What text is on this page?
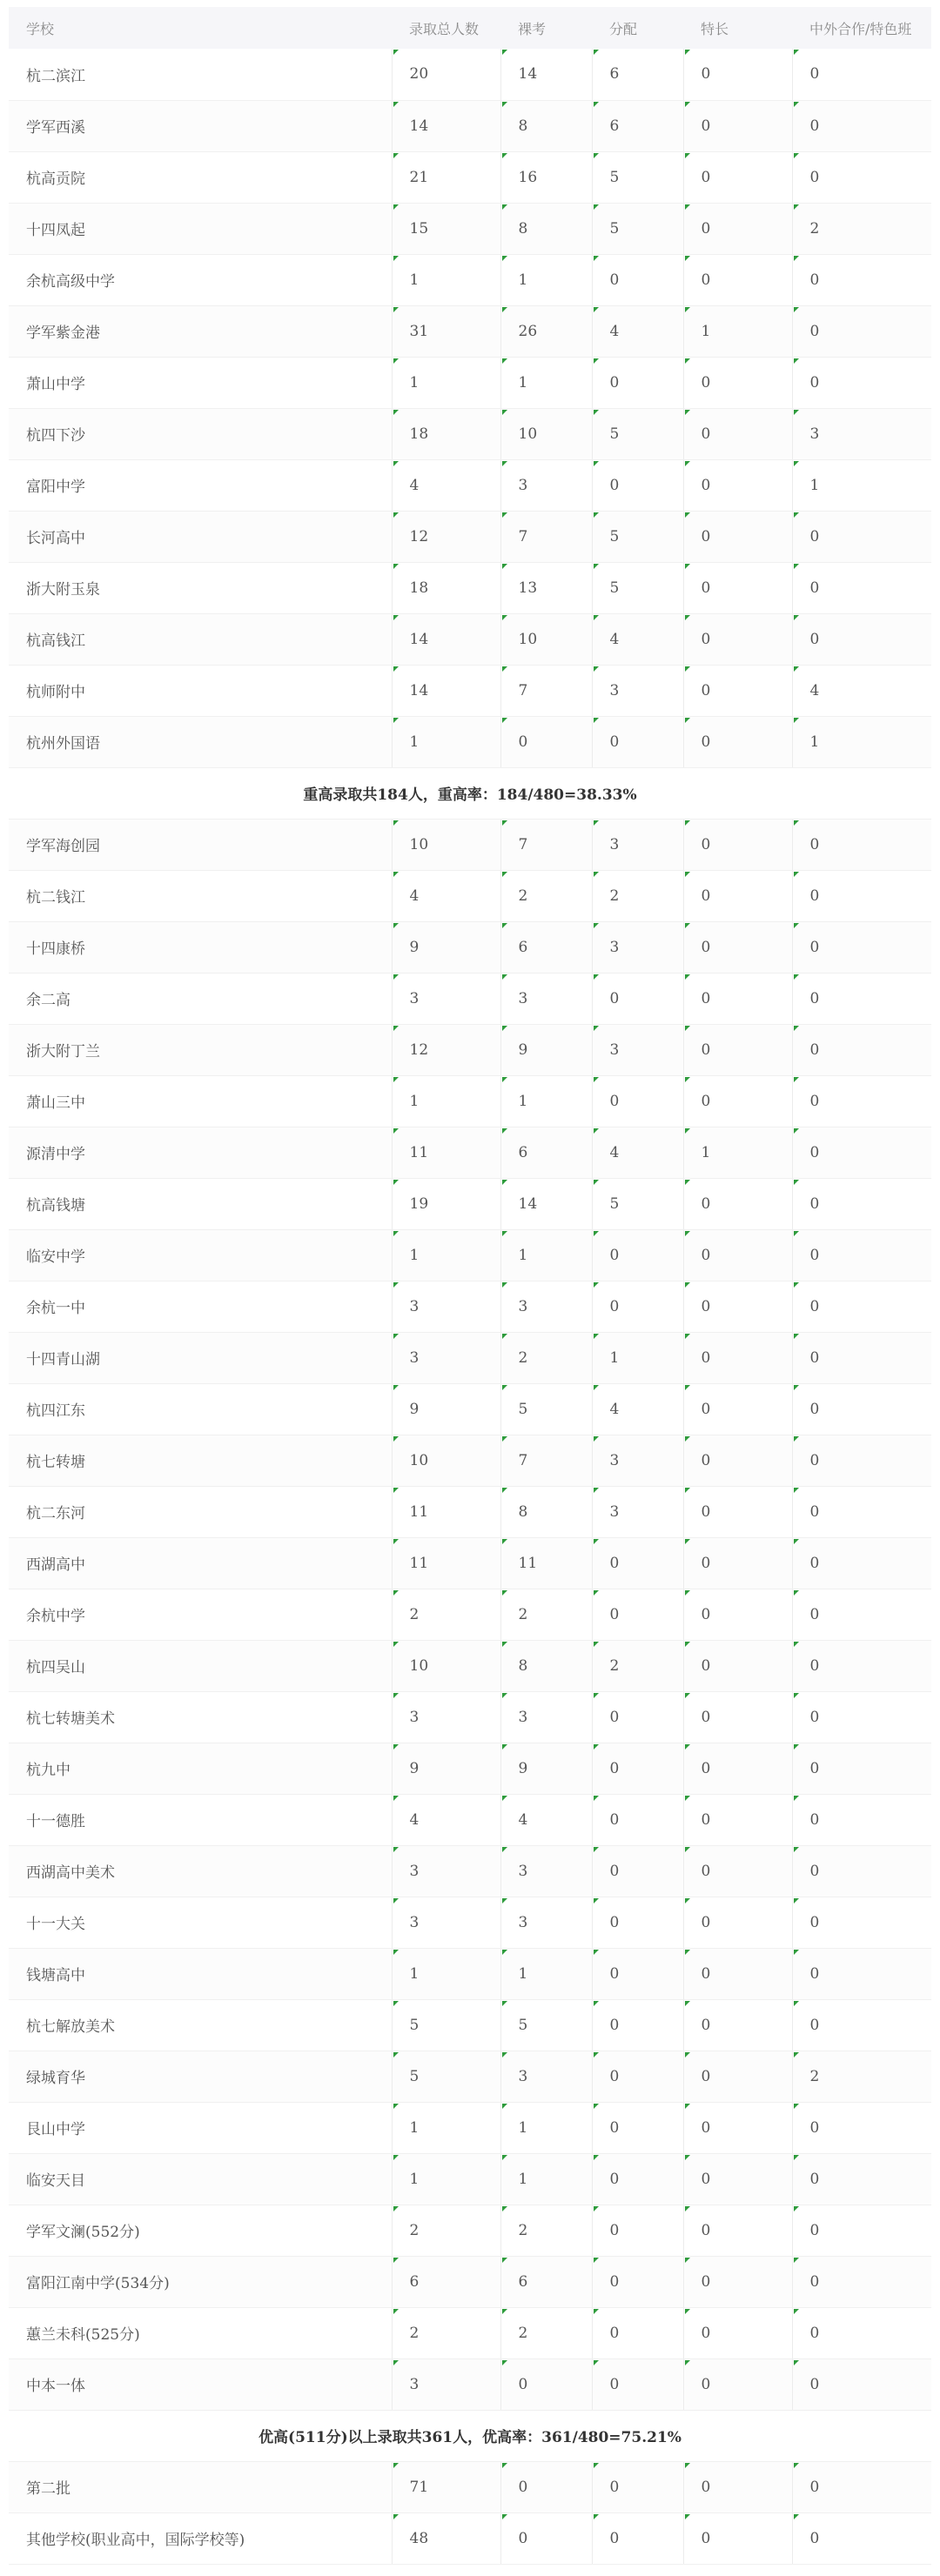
学校	录取总人数	裸考	分配	特长	中外合作/特色班
杭二滨江	20	14	6	0	0
学军西溪	14	8	6	0	0
杭高贡院	21	16	5	0	0
十四凤起	15	8	5	0	2
余杭高级中学	1	1	0	0	0
学军紫金港	31	26	4	1	0
萧山中学	1	1	0	0	0
杭四下沙	18	10	5	0	3
富阳中学	4	3	0	0	1
长河高中	12	7	5	0	0
浙大附玉泉	18	13	5	0	0
杭高钱江	14	10	4	0	0
杭师附中	14	7	3	0	4
杭州外国语	1	0	0	0	1
重高录取共184人，重高率：184/480=38.33%					
学军海创园	10	7	3	0	0
杭二钱江	4	2	2	0	0
十四康桥	9	6	3	0	0
余二高	3	3	0	0	0
浙大附丁兰	12	9	3	0	0
萧山三中	1	1	0	0	0
源清中学	11	6	4	1	0
杭高钱塘	19	14	5	0	0
临安中学	1	1	0	0	0
余杭一中	3	3	0	0	0
十四青山湖	3	2	1	0	0
杭四江东	9	5	4	0	0
杭七转塘	10	7	3	0	0
杭二东河	11	8	3	0	0
西湖高中	11	11	0	0	0
余杭中学	2	2	0	0	0
杭四吴山	10	8	2	0	0
杭七转塘美术	3	3	0	0	0
杭九中	9	9	0	0	0
十一德胜	4	4	0	0	0
西湖高中美术	3	3	0	0	0
十一大关	3	3	0	0	0
钱塘高中	1	1	0	0	0
杭七解放美术	5	5	0	0	0
绿城育华	5	3	0	0	2
艮山中学	1	1	0	0	0
临安天目	1	1	0	0	0
学军文澜(552分)	2	2	0	0	0
富阳江南中学(534分)	6	6	0	0	0
蕙兰未科(525分)	2	2	0	0	0
中本一体	3	0	0	0	0
优高(511分)以上录取共361人，优高率：361/480=75.21%					
第二批	71	0	0	0	0
其他学校(职业高中，国际学校等)	48	0	0	0	0
